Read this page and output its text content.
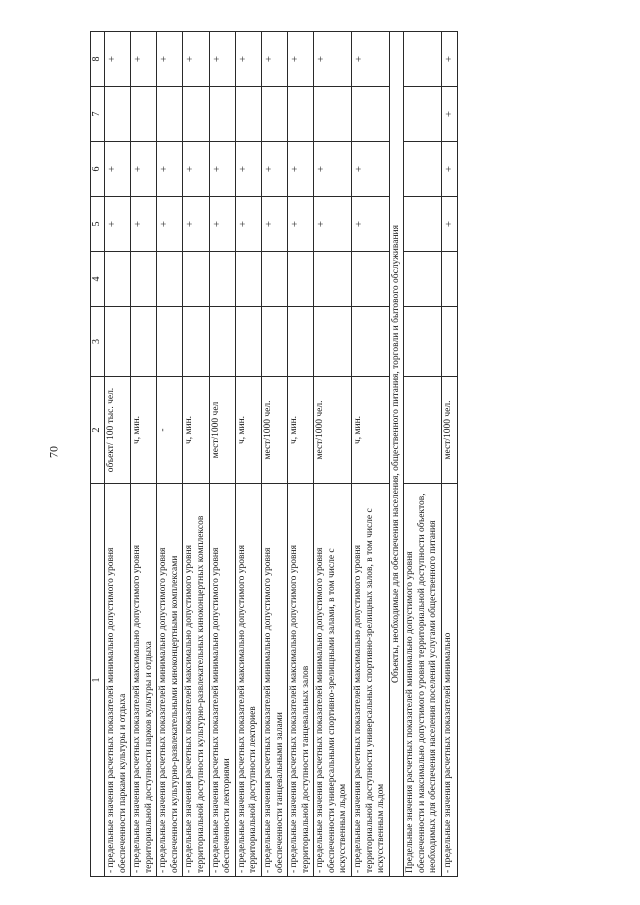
70
1	2	3	4	5	6	7	8
- предельные значения расчетных показателей минимально допустимого уровня обеспеченности парками культуры и отдыха	объект/ 100 тыс. чел.			+	+		+
- предельные значения расчетных показателей максимально допустимого уровня территориальной доступности парков культуры и отдыха	ч, мин.			+	+		+
- предельные значения расчетных показателей минимально допустимого уровня обеспеченности культурно-развлекательными киноконцертными комплексами	-			+	+		+
- предельные значения расчетных показателей максимально допустимого уровня территориальной доступности культурно-развлекательных киноконцертных комплексов	ч, мин.			+	+		+
- предельные значения расчетных показателей минимально допустимого уровня обеспеченности лекториями	мест/1000 чел			+	+		+
- предельные значения расчетных показателей максимально допустимого уровня территориальной доступности лекториев	ч, мин.			+	+		+
- предельные значения расчетных показателей минимально допустимого уровня обеспеченности танцевальными залами	мест/1000 чел.			+	+		+
- предельные значения расчетных показателей максимально допустимого уровня территориальной доступности танцевальных залов	ч, мин.			+	+		+
- предельные значения расчетных показателей минимально допустимого уровня обеспеченности универсальными спортивно-зрелищными залами, в том числе с искусственным льдом	мест/1000 чел.			+	+		+
- предельные значения расчетных показателей максимально допустимого уровня территориальной доступности универсальных спортивно-зрелищных залов, в том числе с искусственным льдом	ч, мин.			+	+		+
Объекты, необходимые для обеспечения населения, общественного питания, торговли и бытового обслуживания							
Предельные значения расчетных показателей минимально допустимого уровня обеспеченности и максимально допустимого уровня территориальной доступности объектов, необходимых для обеспечения населения поселений услугами общественного питания							
- предельные значения расчетных показателей минимально	мест/1000 чел.			+	+	+	+
